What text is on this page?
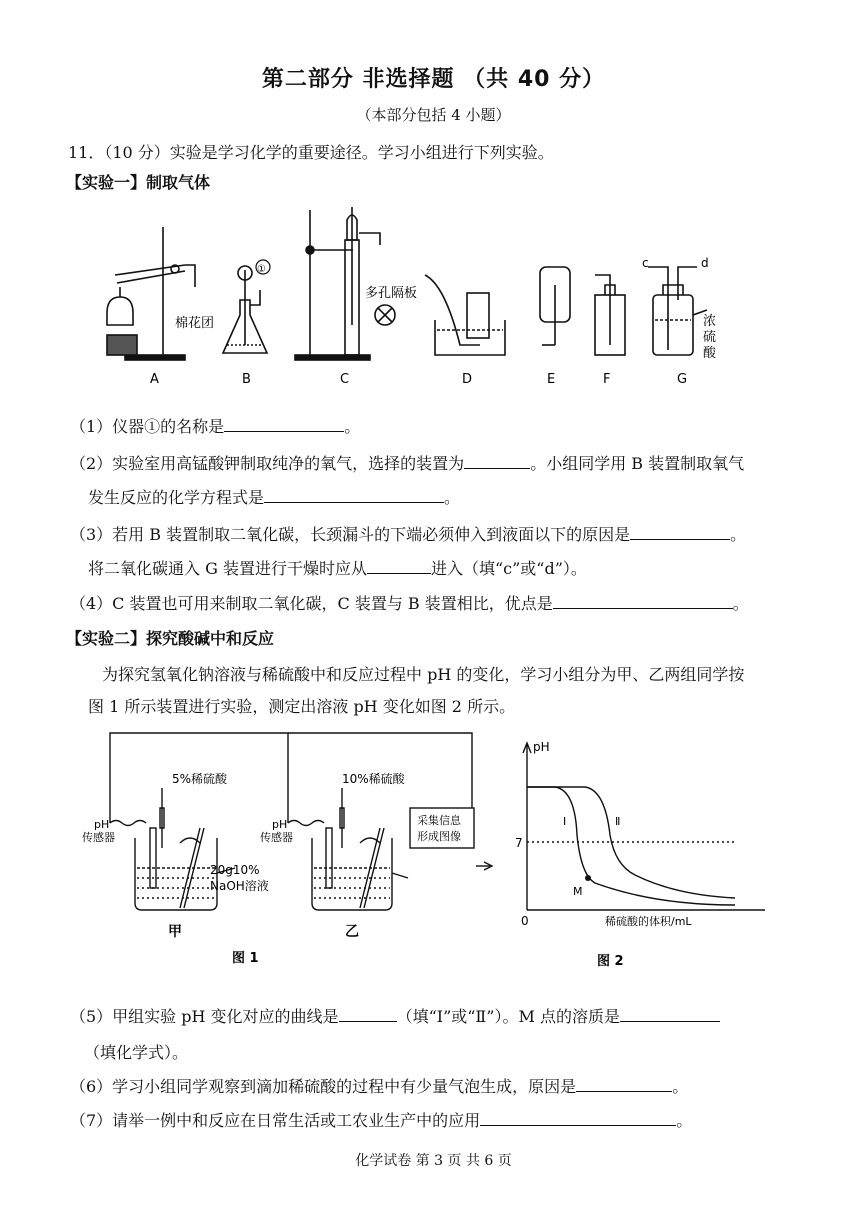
第二部分 非选择题 （共 40 分）
（本部分包括 4 小题）
11．（10 分）实验是学习化学的重要途径。学习小组进行下列实验。
【实验一】制取气体
棉花团
①
多孔隔板
c	d
浓
硫
酸
A	B	C	D	E	F	G
（1）仪器①的名称是	。
（2）实验室用高锰酸钾制取纯净的氧气，选择的装置为	。小组同学用 B 装置制取氧气
发生反应的化学方程式是	。
（3）若用 B 装置制取二氧化碳，长颈漏斗的下端必须伸入到液面以下的原因是	。
将二氧化碳通入 G 装置进行干燥时应从	进入（填“c”或“d”）。
（4）C 装置也可用来制取二氧化碳，C 装置与 B 装置相比，优点是	。
【实验二】探究酸碱中和反应
为探究氢氧化钠溶液与稀硫酸中和反应过程中 pH 的变化，学习小组分为甲、乙两组同学按
图 1 所示装置进行实验，测定出溶液 pH 变化如图 2 所示。
5%稀硫酸	10%稀硫酸
pH
传感器
pH
传感器
20g10%
NaOH溶液
采集信息
形成图像
甲	乙
图 1
pH
7
0	稀硫酸的体积/mL
Ⅰ	Ⅱ
M
图 2
（5）甲组实验 pH 变化对应的曲线是	（填“Ⅰ”或“Ⅱ”）。M 点的溶质是
（填化学式）。
（6）学习小组同学观察到滴加稀硫酸的过程中有少量气泡生成，原因是	。
（7）请举一例中和反应在日常生活或工农业生产中的应用	。
化学试卷 第 3 页 共 6 页
